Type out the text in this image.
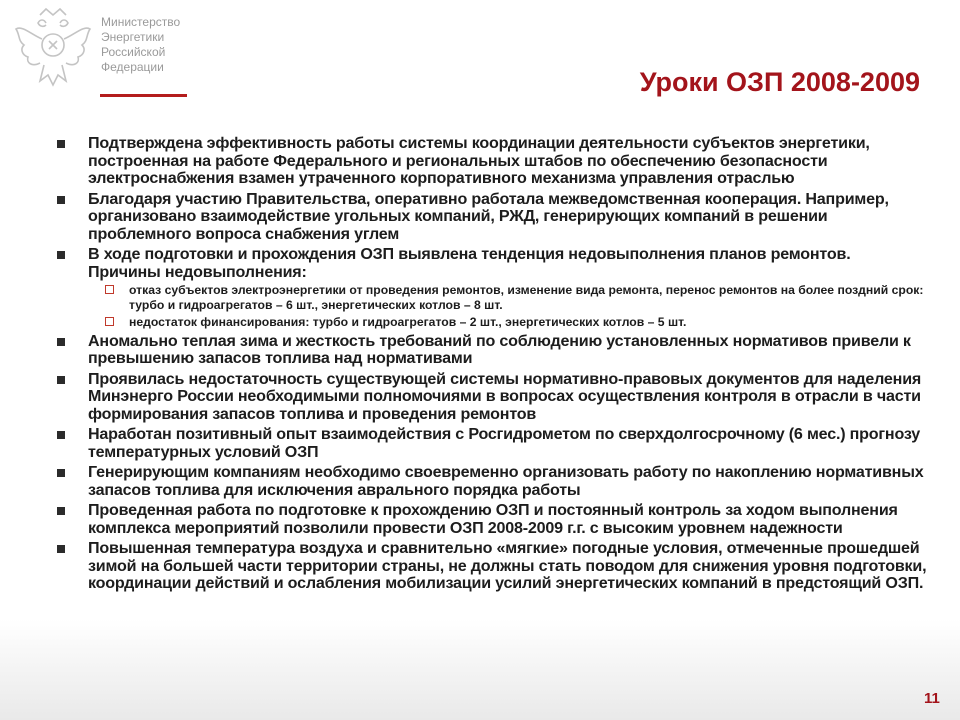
Министерство
Энергетики
Российской
Федерации	Уроки ОЗП 2008-2009
Подтверждена эффективность работы системы координации деятельности субъектов энергетики, построенная на работе Федерального и региональных штабов по обеспечению безопасности электроснабжения взамен утраченного корпоративного механизма управления отраслью
Благодаря участию Правительства, оперативно работала межведомственная кооперация. Например, организовано взаимодействие угольных компаний, РЖД, генерирующих компаний в решении проблемного вопроса снабжения углем
В ходе подготовки и прохождения ОЗП выявлена тенденция недовыполнения планов ремонтов. Причины недовыполнения:
отказ субъектов электроэнергетики от проведения ремонтов, изменение вида ремонта, перенос ремонтов на более поздний срок: турбо и гидроагрегатов – 6 шт., энергетических котлов – 8 шт.
недостаток финансирования: турбо и гидроагрегатов – 2 шт., энергетических котлов – 5 шт.
Аномально теплая зима и жесткость требований по соблюдению установленных нормативов привели к превышению запасов топлива над нормативами
Проявилась недостаточность существующей системы нормативно-правовых документов для наделения Минэнерго России необходимыми полномочиями в вопросах осуществления контроля в отрасли в части формирования запасов топлива и проведения ремонтов
Наработан позитивный опыт взаимодействия с Росгидрометом по сверхдолгосрочному (6 мес.) прогнозу температурных условий ОЗП
Генерирующим компаниям необходимо своевременно организовать работу по накоплению нормативных запасов топлива для исключения аврального порядка работы
Проведенная работа по подготовке к прохождению ОЗП и постоянный контроль за ходом выполнения комплекса мероприятий позволили провести ОЗП 2008-2009 г.г. с высоким уровнем надежности
Повышенная температура воздуха и сравнительно «мягкие» погодные условия, отмеченные прошедшей зимой на большей части территории страны, не должны стать поводом для снижения уровня подготовки, координации действий и ослабления мобилизации усилий энергетических компаний в предстоящий ОЗП.
11
